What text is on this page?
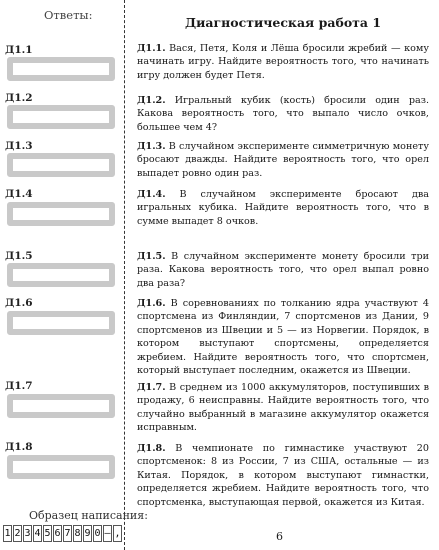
Ответы:
Д1.1
Д1.2
Д1.3
Д1.4
Д1.5
Д1.6
Д1.7
Д1.8
Образец написания:
1 2 3 4 5 6 7 8 9 0 – ,
Диагностическая работа 1
Д1.1. Вася, Петя, Коля и Лёша бросили жребий — кому начинать игру. Найдите вероятность того, что начинать игру должен будет Петя.
Д1.2. Игральный кубик (кость) бросили один раз. Какова вероятность того, что выпало число очков, большее чем 4?
Д1.3. В случайном эксперименте симметричную монету бросают дважды. Найдите вероятность того, что орел выпадет ровно один раз.
Д1.4. В случайном эксперименте бросают два игральных кубика. Найдите вероятность того, что в сумме выпадет 8 очков.
Д1.5. В случайном эксперименте монету бросили три раза. Какова вероятность того, что орел выпал ровно два раза?
Д1.6. В соревнованиях по толканию ядра участвуют 4 спортсмена из Финляндии, 7 спортсменов из Дании, 9 спортсменов из Швеции и 5 — из Норвегии. Порядок, в котором выступают спортсмены, определяется жребием. Найдите вероятность того, что спортсмен, который выступает последним, окажется из Швеции.
Д1.7. В среднем из 1000 аккумуляторов, поступивших в продажу, 6 неисправны. Найдите вероятность того, что случайно выбранный в магазине аккумулятор окажется исправным.
Д1.8. В чемпионате по гимнастике участвуют 20 спортсменок: 8 из России, 7 из США, остальные — из Китая. Порядок, в котором выступают гимнастки, определяется жребием. Найдите вероятность того, что спортсменка, выступающая первой, окажется из Китая.
6
